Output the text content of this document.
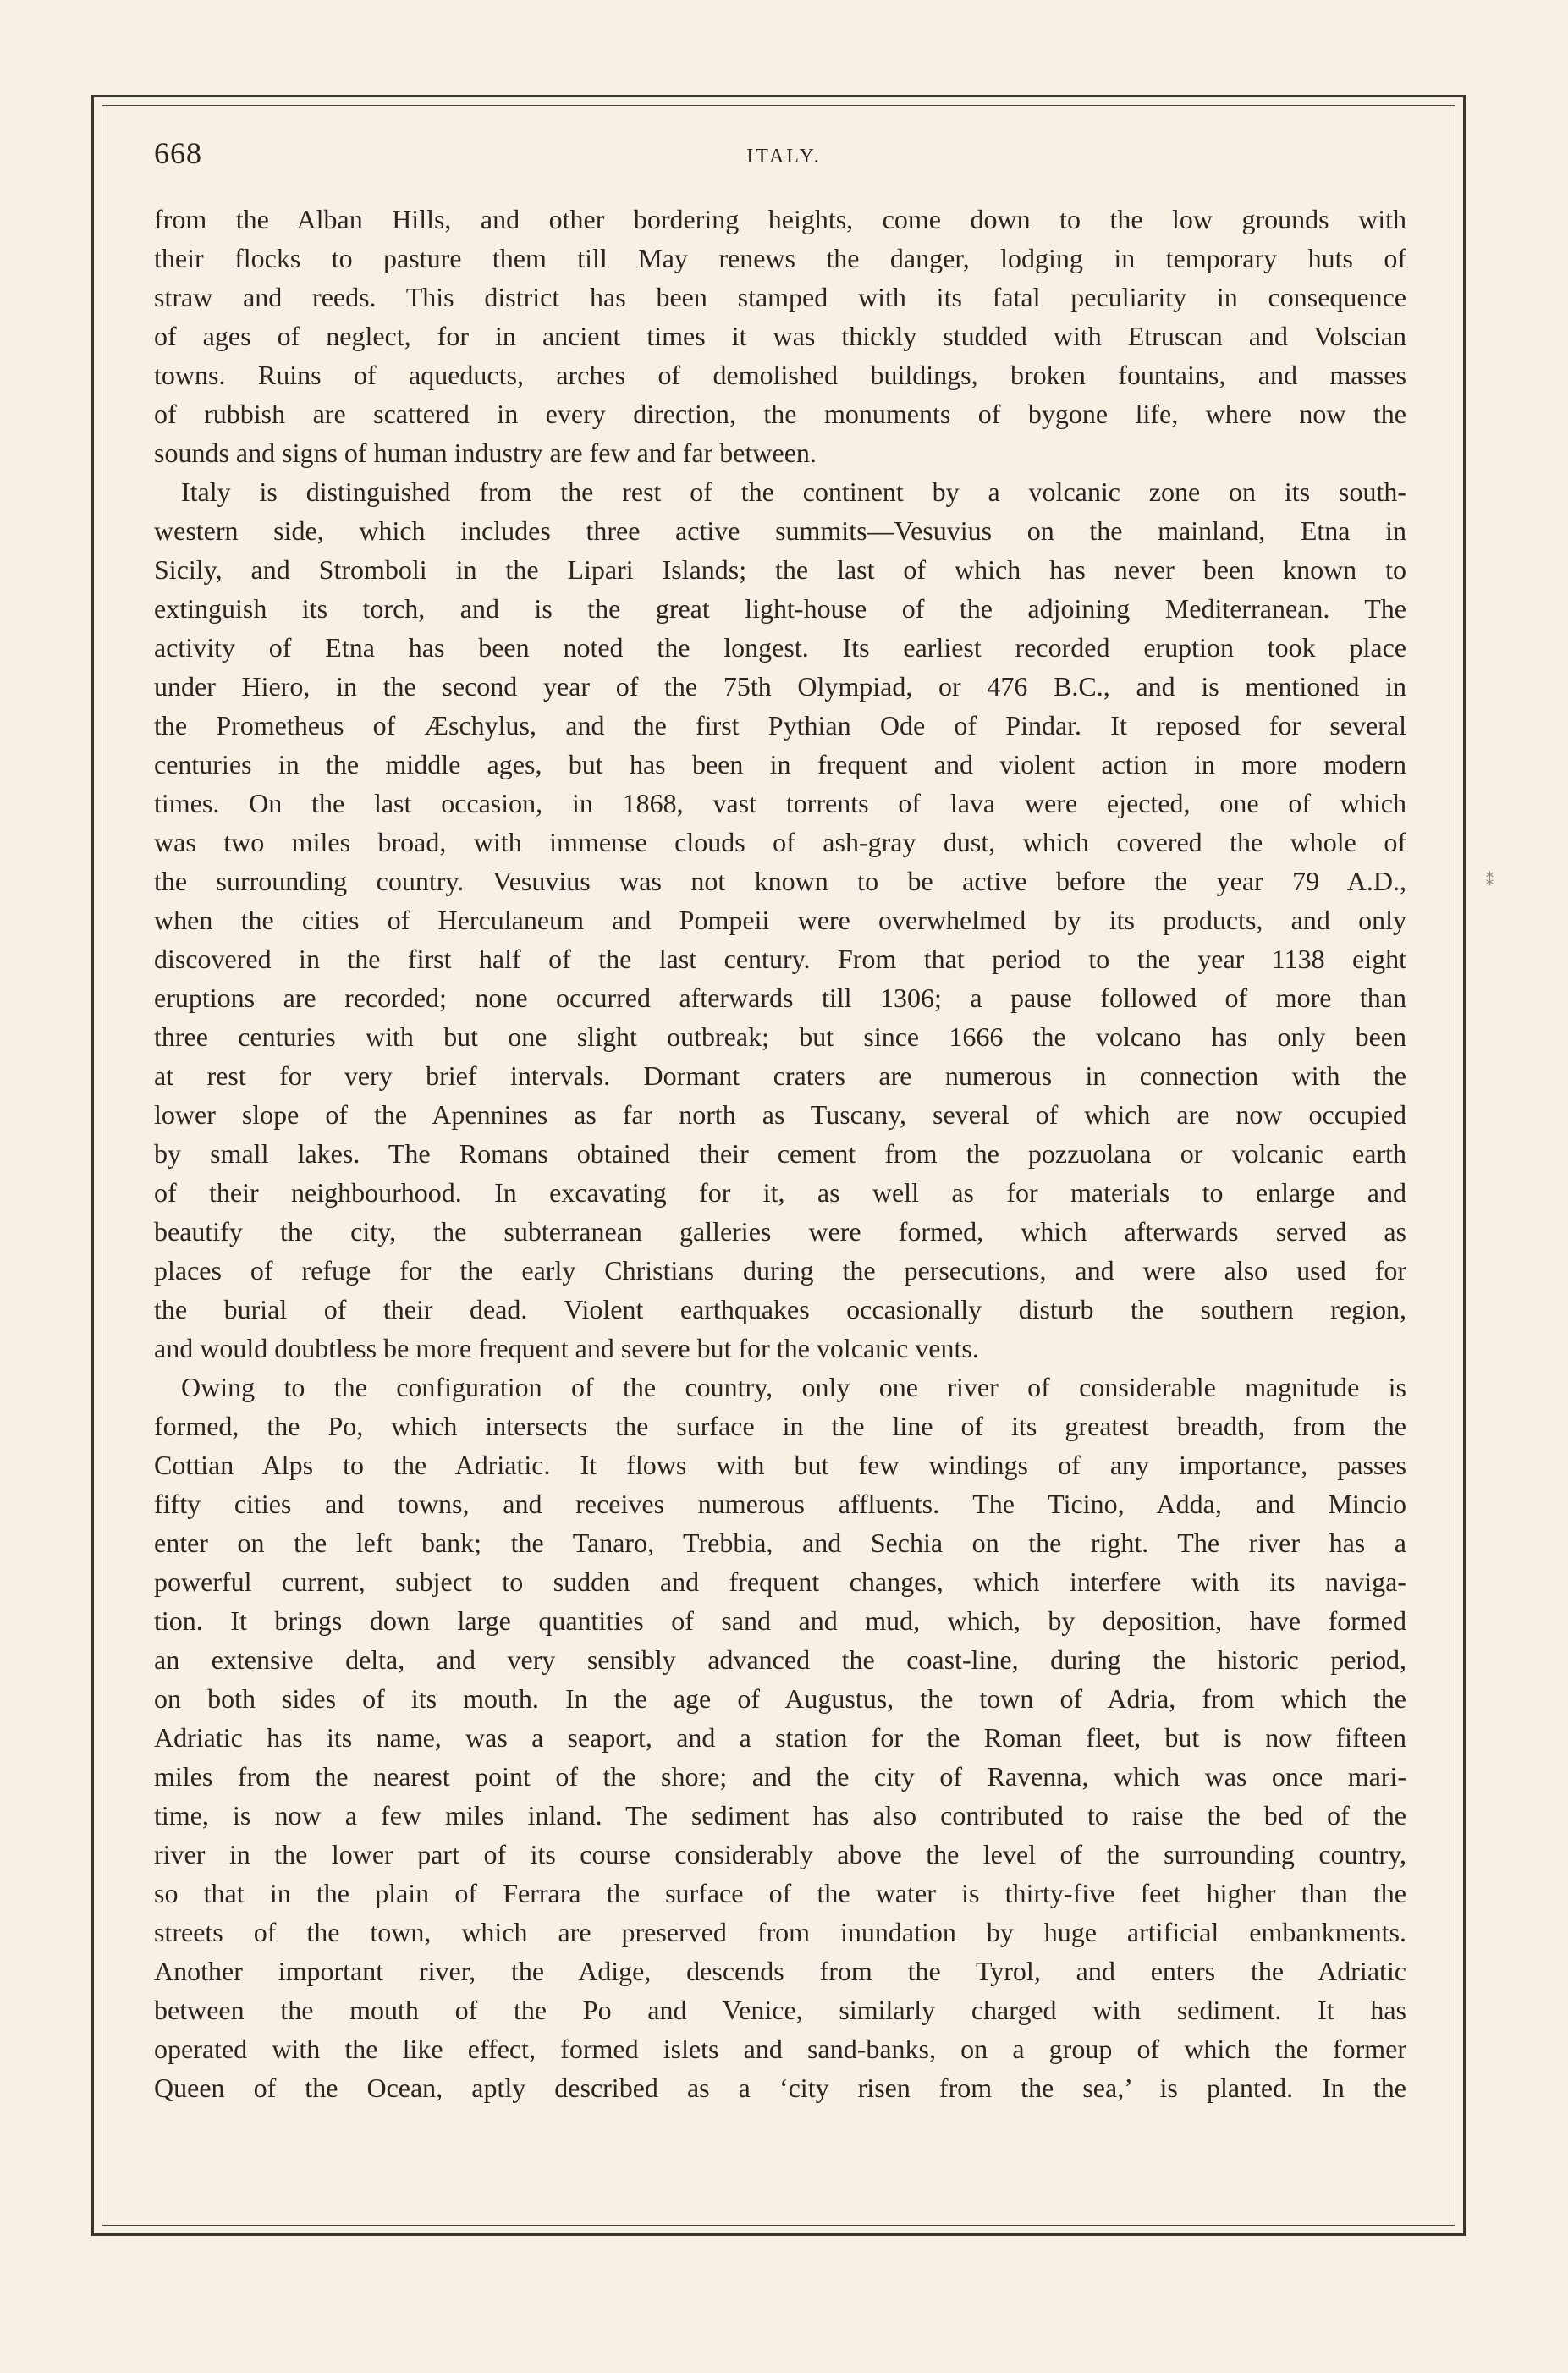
668	ITALY.
⁑
from the Alban Hills, and other bordering heights, come down to the low grounds with
their flocks to pasture them till May renews the danger, lodging in temporary huts of
straw and reeds. This district has been stamped with its fatal peculiarity in consequence
of ages of neglect, for in ancient times it was thickly studded with Etruscan and Volscian
towns. Ruins of aqueducts, arches of demolished buildings, broken fountains, and masses
of rubbish are scattered in every direction, the monuments of bygone life, where now the
sounds and signs of human industry are few and far between.
Italy is distinguished from the rest of the continent by a volcanic zone on its south-
western side, which includes three active summits—Vesuvius on the mainland, Etna in
Sicily, and Stromboli in the Lipari Islands; the last of which has never been known to
extinguish its torch, and is the great light-house of the adjoining Mediterranean. The
activity of Etna has been noted the longest. Its earliest recorded eruption took place
under Hiero, in the second year of the 75th Olympiad, or 476 B.C., and is mentioned in
the Prometheus of Æschylus, and the first Pythian Ode of Pindar. It reposed for several
centuries in the middle ages, but has been in frequent and violent action in more modern
times. On the last occasion, in 1868, vast torrents of lava were ejected, one of which
was two miles broad, with immense clouds of ash-gray dust, which covered the whole of
the surrounding country. Vesuvius was not known to be active before the year 79 A.D.,
when the cities of Herculaneum and Pompeii were overwhelmed by its products, and only
discovered in the first half of the last century. From that period to the year 1138 eight
eruptions are recorded; none occurred afterwards till 1306; a pause followed of more than
three centuries with but one slight outbreak; but since 1666 the volcano has only been
at rest for very brief intervals. Dormant craters are numerous in connection with the
lower slope of the Apennines as far north as Tuscany, several of which are now occupied
by small lakes. The Romans obtained their cement from the pozzuolana or volcanic earth
of their neighbourhood. In excavating for it, as well as for materials to enlarge and
beautify the city, the subterranean galleries were formed, which afterwards served as
places of refuge for the early Christians during the persecutions, and were also used for
the burial of their dead. Violent earthquakes occasionally disturb the southern region,
and would doubtless be more frequent and severe but for the volcanic vents.
Owing to the configuration of the country, only one river of considerable magnitude is
formed, the Po, which intersects the surface in the line of its greatest breadth, from the
Cottian Alps to the Adriatic. It flows with but few windings of any importance, passes
fifty cities and towns, and receives numerous affluents. The Ticino, Adda, and Mincio
enter on the left bank; the Tanaro, Trebbia, and Sechia on the right. The river has a
powerful current, subject to sudden and frequent changes, which interfere with its naviga-
tion. It brings down large quantities of sand and mud, which, by deposition, have formed
an extensive delta, and very sensibly advanced the coast-line, during the historic period,
on both sides of its mouth. In the age of Augustus, the town of Adria, from which the
Adriatic has its name, was a seaport, and a station for the Roman fleet, but is now fifteen
miles from the nearest point of the shore; and the city of Ravenna, which was once mari-
time, is now a few miles inland. The sediment has also contributed to raise the bed of the
river in the lower part of its course considerably above the level of the surrounding country,
so that in the plain of Ferrara the surface of the water is thirty-five feet higher than the
streets of the town, which are preserved from inundation by huge artificial embankments.
Another important river, the Adige, descends from the Tyrol, and enters the Adriatic
between the mouth of the Po and Venice, similarly charged with sediment. It has
operated with the like effect, formed islets and sand-banks, on a group of which the former
Queen of the Ocean, aptly described as a ‘city risen from the sea,’ is planted. In the
